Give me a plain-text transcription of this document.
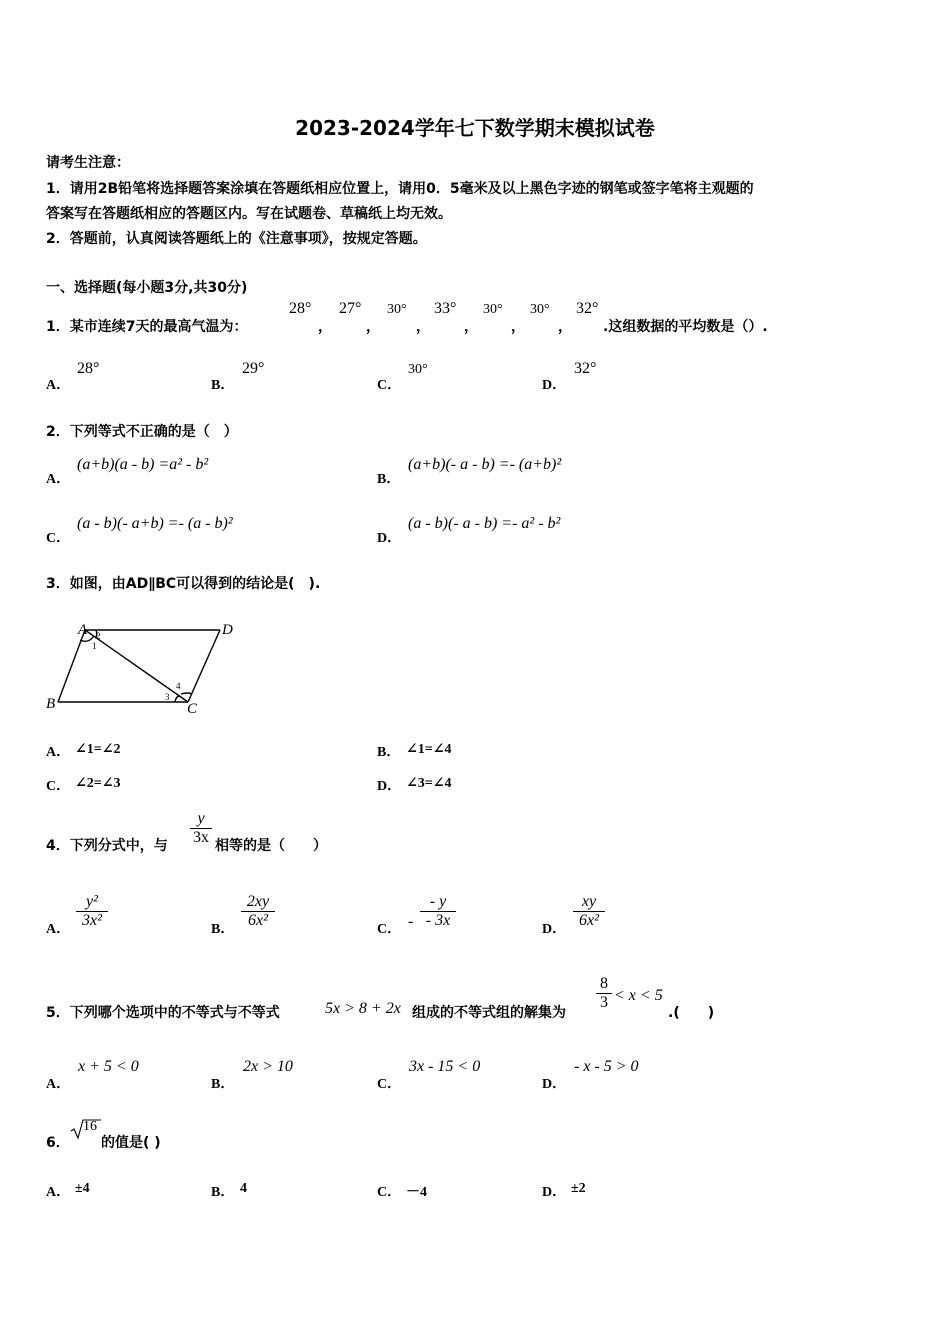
2023-2024学年七下数学期末模拟试卷
请考生注意：
1．请用2B铅笔将选择题答案涂填在答题纸相应位置上，请用0．5毫米及以上黑色字迹的钢笔或签字笔将主观题的
答案写在答题纸相应的答题区内。写在试题卷、草稿纸上均无效。
2．答题前，认真阅读答题纸上的《注意事项》，按规定答题。
一、选择题(每小题3分,共30分)
1．某市连续7天的最高气温为：
28°
，
27°
，
30°
，
33°
，
30°
，
30°
，
32°
.这组数据的平均数是（）.
A．
28°
B．
29°
C．
30°
D．
32°
2．下列等式不正确的是（　）
A．
(a+b)(a - b) =a² - b²
B．
(a+b)(- a - b) =- (a+b)²
C．
(a - b)(- a+b) =- (a - b)²
D．
(a - b)(- a - b) =- a² - b²
3．如图，由AD∥BC可以得到的结论是(　).
A	D
B	C
2
1
3
4
A． ∠1=∠2	B． ∠1=∠4
C． ∠2=∠3	D． ∠3=∠4
4．下列分式中，与
y
3x 相等的是（　　）
A．
y²
3x²
B．
2xy
6x²
C． -
- y
- 3x
D．
xy
6x²
5．下列哪个选项中的不等式与不等式	5x > 8 + 2x 组成的不等式组的解集为
8
3 < x < 5
.(　　)
A．
x + 5 < 0
B．
2x > 10
C．
3x - 15 < 0
D．
- x - 5 > 0
6．
16
的值是( )
A． ±4	B． 4	C． －4	D． ±2
